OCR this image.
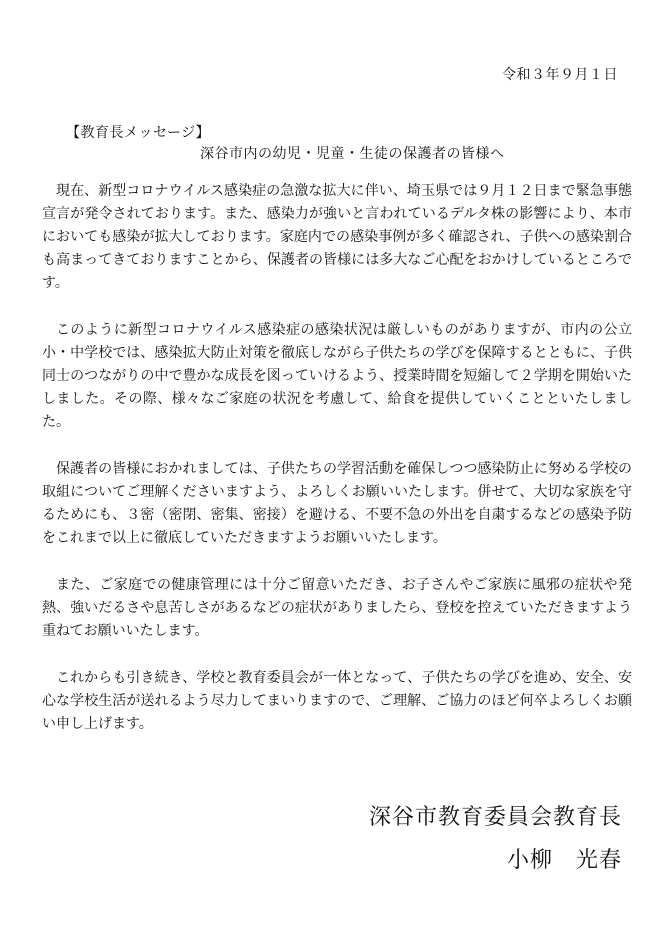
令和３年９月１日
【教育長メッセージ】
深谷市内の幼児・児童・生徒の保護者の皆様へ

現在、新型コロナウイルス感染症の急激な拡大に伴い、埼玉県では９月１２日まで緊急事態宣言が発令されております。また、感染力が強いと言われているデルタ株の影響により、本市においても感染が拡大しております。家庭内での感染事例が多く確認され、子供への感染割合も高まってきておりますことから、保護者の皆様には多大なご心配をおかけしているところです。

このように新型コロナウイルス感染症の感染状況は厳しいものがありますが、市内の公立小・中学校では、感染拡大防止対策を徹底しながら子供たちの学びを保障するとともに、子供同士のつながりの中で豊かな成長を図っていけるよう、授業時間を短縮して２学期を開始いたしました。その際、様々なご家庭の状況を考慮して、給食を提供していくことといたしました。

保護者の皆様におかれましては、子供たちの学習活動を確保しつつ感染防止に努める学校の取組についてご理解くださいますよう、よろしくお願いいたします。併せて、大切な家族を守るためにも、３密（密閉、密集、密接）を避ける、不要不急の外出を自粛するなどの感染予防をこれまで以上に徹底していただきますようお願いいたします。

また、ご家庭での健康管理には十分ご留意いただき、お子さんやご家族に風邪の症状や発熱、強いだるさや息苦しさがあるなどの症状がありましたら、登校を控えていただきますよう重ねてお願いいたします。

これからも引き続き、学校と教育委員会が一体となって、子供たちの学びを進め、安全、安心な学校生活が送れるよう尽力してまいりますので、ご理解、ご協力のほど何卒よろしくお願い申し上げます。

深谷市教育委員会教育長
小柳　光春
